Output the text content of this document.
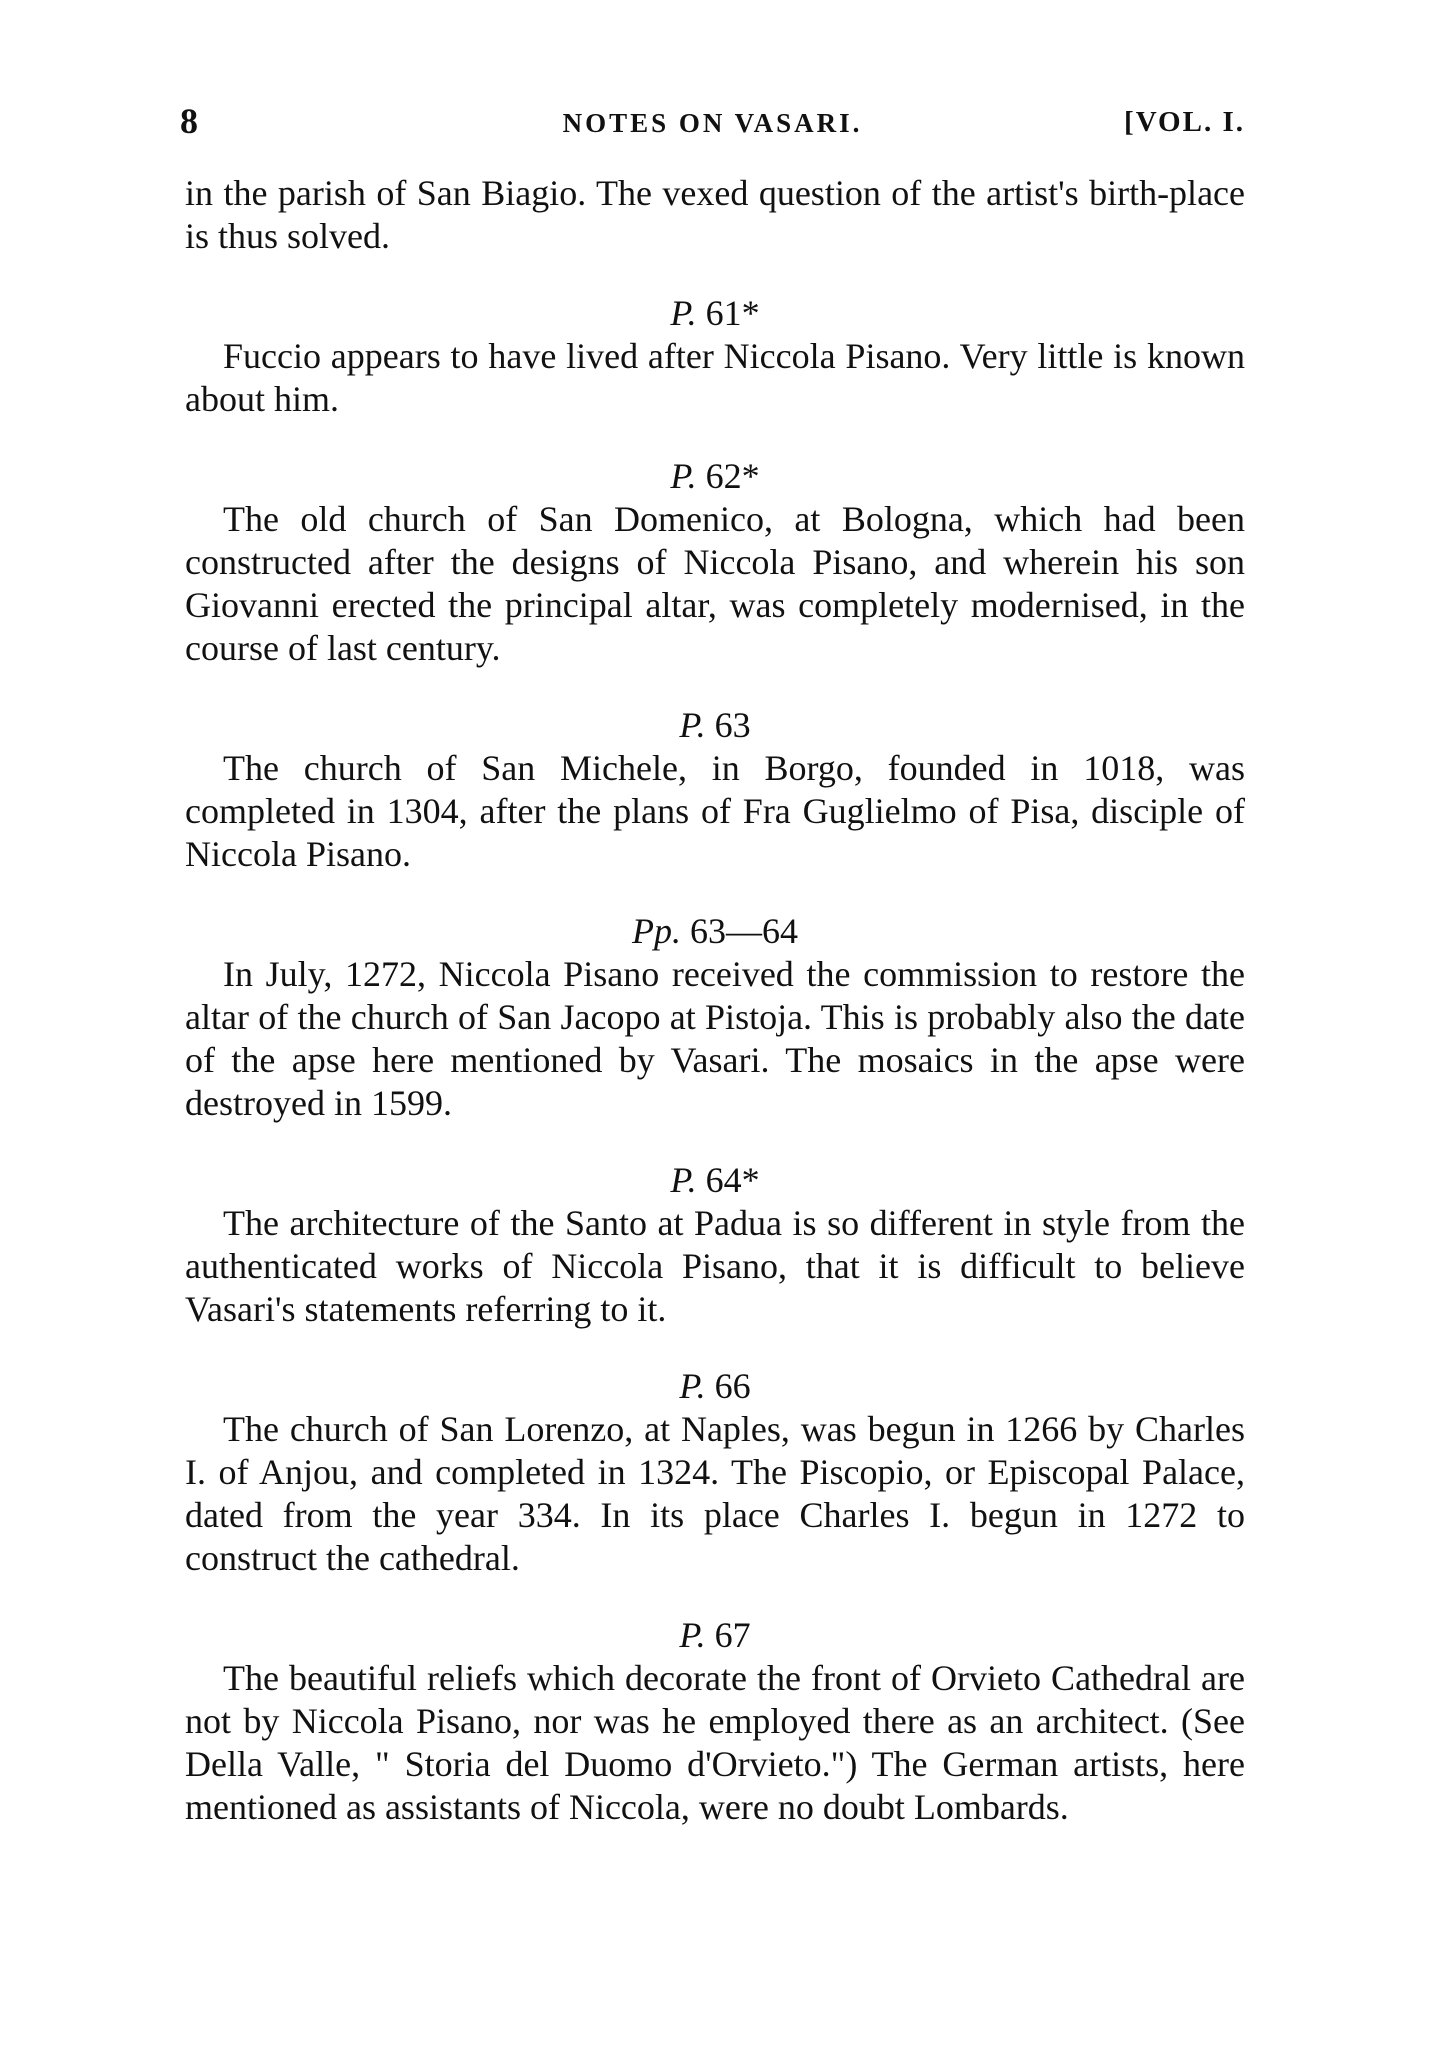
8	NOTES ON VASARI.	[VOL. I.

in the parish of San Biagio. The vexed question of the artist's birth-place is thus solved.

P. 61*

Fuccio appears to have lived after Niccola Pisano. Very little is known about him.

P. 62*

The old church of San Domenico, at Bologna, which had been constructed after the designs of Niccola Pisano, and wherein his son Giovanni erected the principal altar, was completely modernised, in the course of last century.

P. 63

The church of San Michele, in Borgo, founded in 1018, was completed in 1304, after the plans of Fra Guglielmo of Pisa, disciple of Niccola Pisano.

Pp. 63—64

In July, 1272, Niccola Pisano received the commission to restore the altar of the church of San Jacopo at Pistoja. This is probably also the date of the apse here mentioned by Vasari. The mosaics in the apse were destroyed in 1599.

P. 64*

The architecture of the Santo at Padua is so different in style from the authenticated works of Niccola Pisano, that it is difficult to believe Vasari's statements referring to it.

P. 66

The church of San Lorenzo, at Naples, was begun in 1266 by Charles I. of Anjou, and completed in 1324. The Piscopio, or Episcopal Palace, dated from the year 334. In its place Charles I. begun in 1272 to construct the cathedral.

P. 67

The beautiful reliefs which decorate the front of Orvieto Cathedral are not by Niccola Pisano, nor was he employed there as an architect. (See Della Valle, " Storia del Duomo d'Orvieto.") The German artists, here mentioned as assistants of Niccola, were no doubt Lombards.
